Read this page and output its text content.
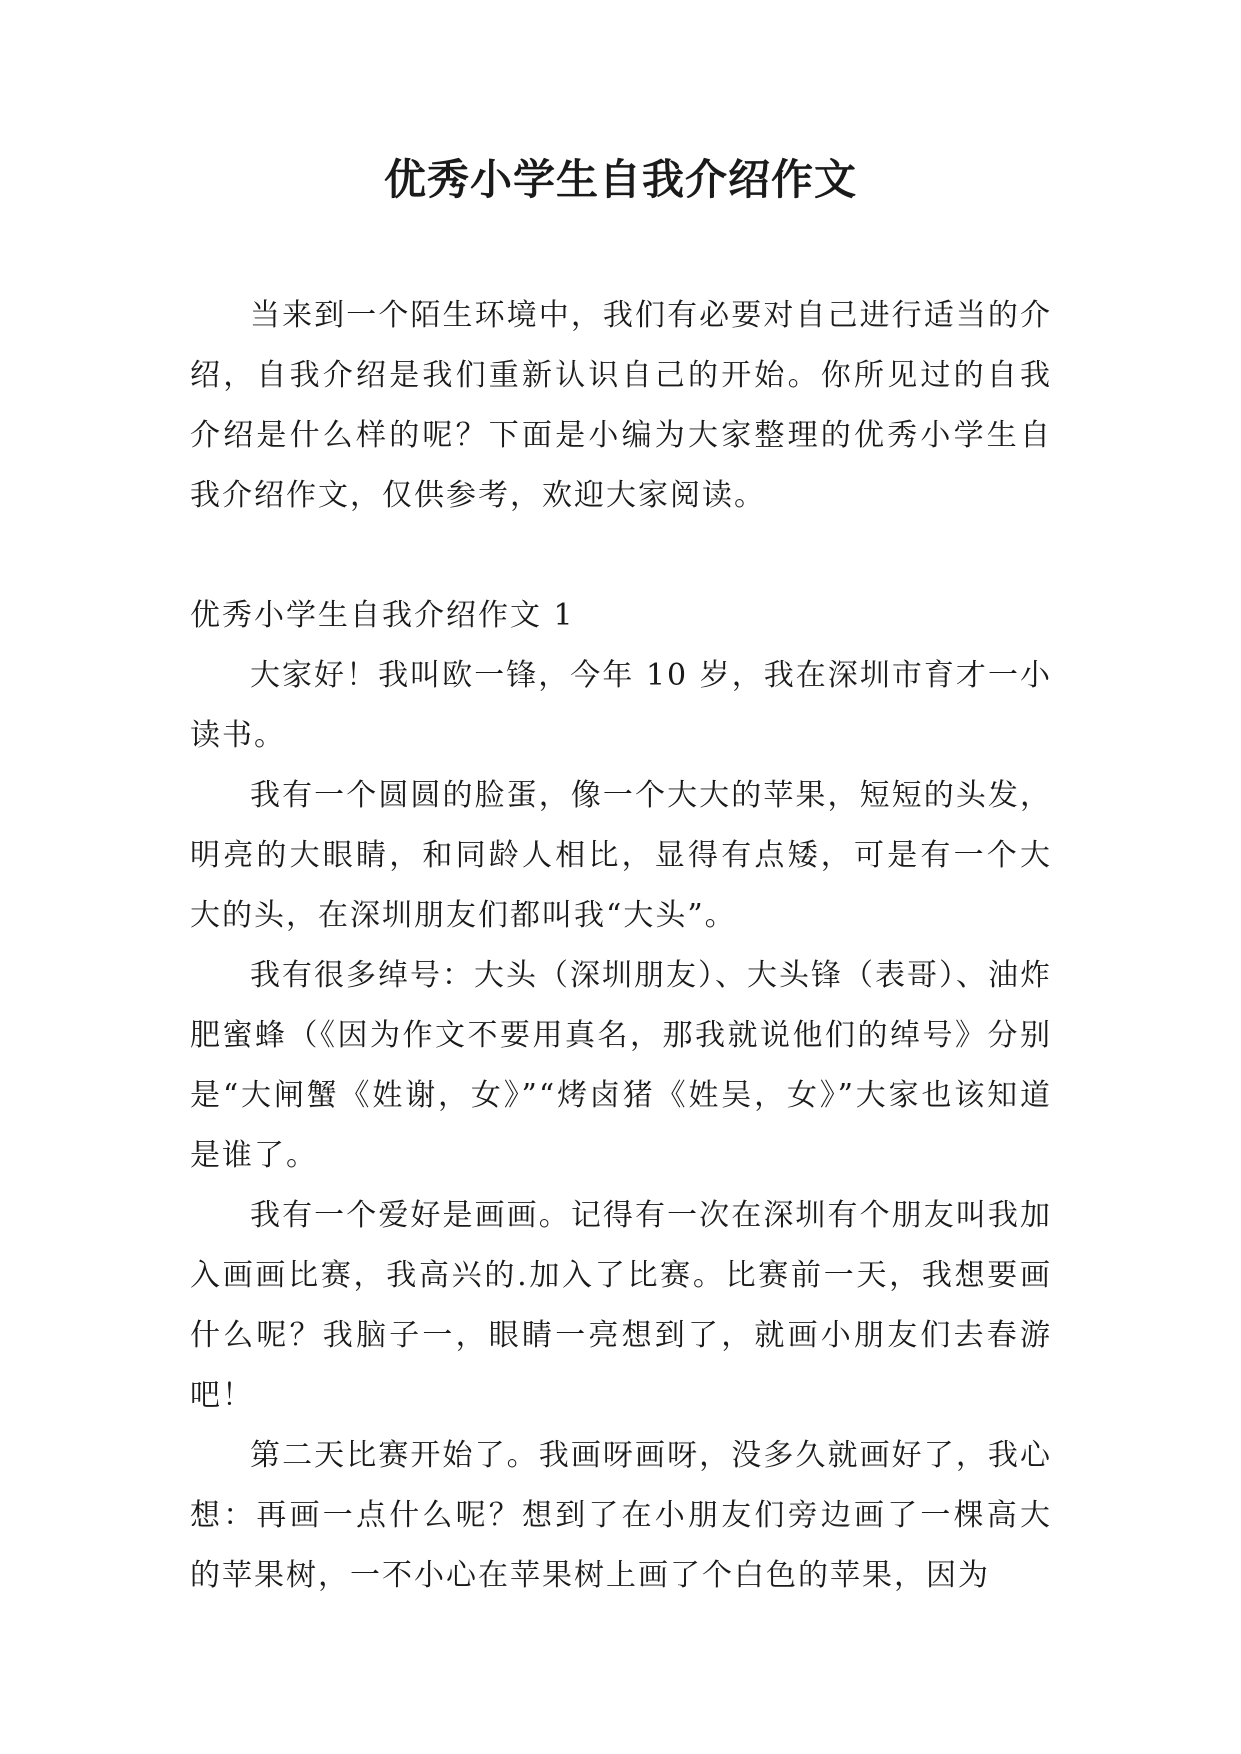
优秀小学生自我介绍作文

当来到一个陌生环境中，我们有必要对自己进行适当的介绍，自我介绍是我们重新认识自己的开始。你所见过的自我介绍是什么样的呢？下面是小编为大家整理的优秀小学生自我介绍作文，仅供参考，欢迎大家阅读。

优秀小学生自我介绍作文 1

大家好！我叫欧一锋，今年 10 岁，我在深圳市育才一小读书。

我有一个圆圆的脸蛋，像一个大大的苹果，短短的头发，明亮的大眼睛，和同龄人相比，显得有点矮，可是有一个大大的头，在深圳朋友们都叫我“大头”。

我有很多绰号：大头（深圳朋友）、大头锋（表哥）、油炸肥蜜蜂（《因为作文不要用真名，那我就说他们的绰号》分别是“大闸蟹《姓谢，女》”“烤卤猪《姓吴，女》”大家也该知道是谁了。

我有一个爱好是画画。记得有一次在深圳有个朋友叫我加入画画比赛，我高兴的.加入了比赛。比赛前一天，我想要画什么呢？我脑子一，眼睛一亮想到了，就画小朋友们去春游吧！

第二天比赛开始了。我画呀画呀，没多久就画好了，我心想：再画一点什么呢？想到了在小朋友们旁边画了一棵高大的苹果树，一不小心在苹果树上画了个白色的苹果，因为
